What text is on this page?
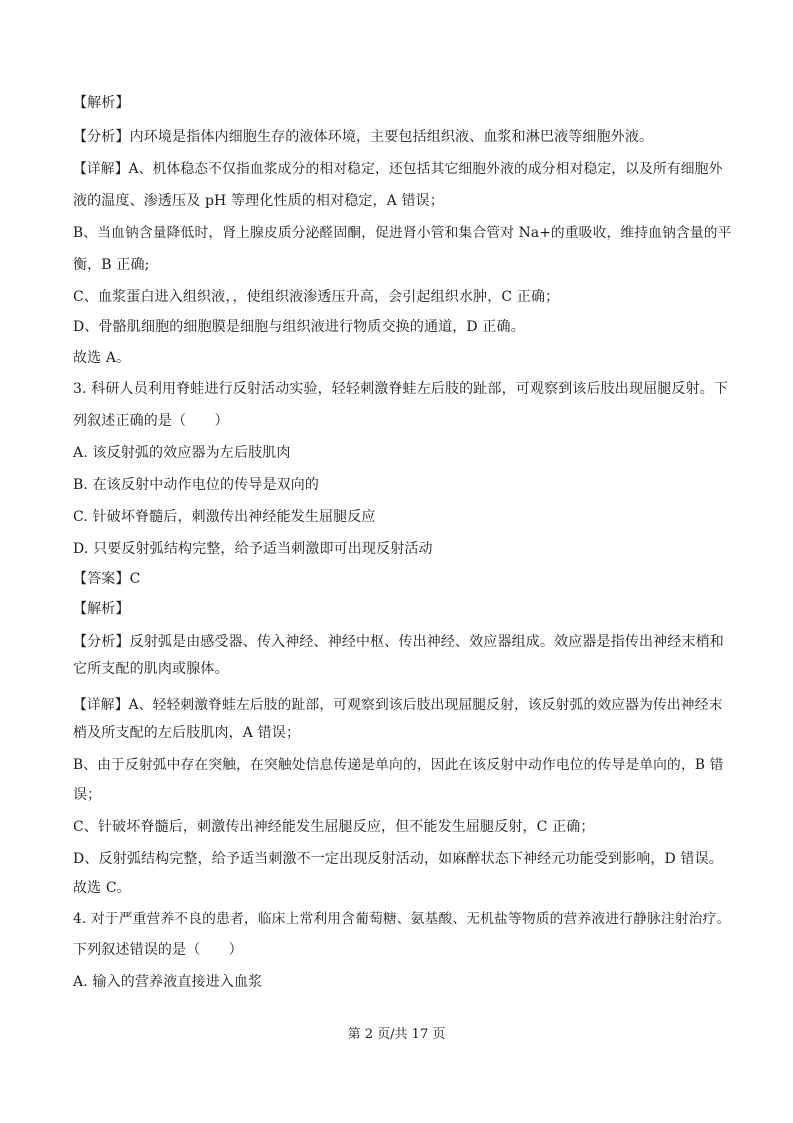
【解析】
【分析】内环境是指体内细胞生存的液体环境，主要包括组织液、血浆和淋巴液等细胞外液。
【详解】A、机体稳态不仅指血浆成分的相对稳定，还包括其它细胞外液的成分相对稳定，以及所有细胞外
液的温度、渗透压及 pH 等理化性质的相对稳定，A 错误；
B、当血钠含量降低时，肾上腺皮质分泌醛固酮，促进肾小管和集合管对 Na+的重吸收，维持血钠含量的平
衡，B 正确;
C、血浆蛋白进入组织液，，使组织液渗透压升高，会引起组织水肿，C 正确；
D、骨骼肌细胞的细胞膜是细胞与组织液进行物质交换的通道，D 正确。
故选 A。
3. 科研人员利用脊蛙进行反射活动实验，轻轻刺激脊蛙左后肢的趾部，可观察到该后肢出现屈腿反射。下
列叙述正确的是（　　）
A. 该反射弧的效应器为左后肢肌肉
B. 在该反射中动作电位的传导是双向的
C. 针破坏脊髓后，刺激传出神经能发生屈腿反应
D. 只要反射弧结构完整，给予适当刺激即可出现反射活动
【答案】C
【解析】
【分析】反射弧是由感受器、传入神经、神经中枢、传出神经、效应器组成。效应器是指传出神经末梢和
它所支配的肌肉或腺体。
【详解】A、轻轻刺激脊蛙左后肢的趾部，可观察到该后肢出现屈腿反射，该反射弧的效应器为传出神经末
梢及所支配的左后肢肌肉，A 错误；
B、由于反射弧中存在突触，在突触处信息传递是单向的，因此在该反射中动作电位的传导是单向的，B 错
误；
C、针破坏脊髓后，刺激传出神经能发生屈腿反应，但不能发生屈腿反射，C 正确；
D、反射弧结构完整，给予适当刺激不一定出现反射活动，如麻醉状态下神经元功能受到影响，D 错误。
故选 C。
4. 对于严重营养不良的患者，临床上常利用含葡萄糖、氨基酸、无机盐等物质的营养液进行静脉注射治疗。
下列叙述错误的是（　　）
A. 输入的营养液直接进入血浆
第 2 页/共 17 页
